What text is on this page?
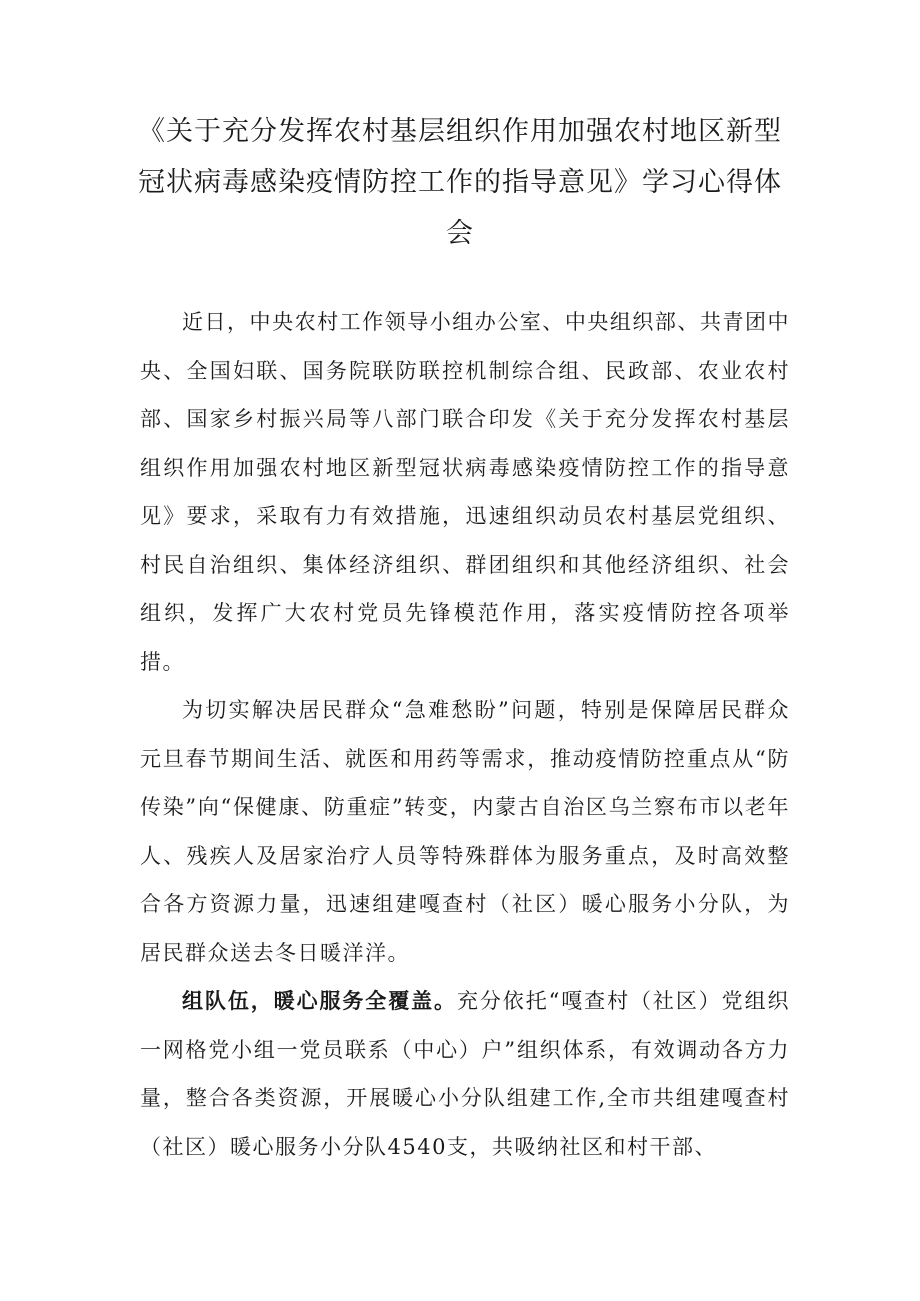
《关于充分发挥农村基层组织作用加强农村地区新型冠状病毒感染疫情防控工作的指导意见》学习心得体会

近日，中央农村工作领导小组办公室、中央组织部、共青团中央、全国妇联、国务院联防联控机制综合组、民政部、农业农村部、国家乡村振兴局等八部门联合印发《关于充分发挥农村基层组织作用加强农村地区新型冠状病毒感染疫情防控工作的指导意见》要求，采取有力有效措施，迅速组织动员农村基层党组织、村民自治组织、集体经济组织、群团组织和其他经济组织、社会组织，发挥广大农村党员先锋模范作用，落实疫情防控各项举措。

为切实解决居民群众“急难愁盼”问题，特别是保障居民群众元旦春节期间生活、就医和用药等需求，推动疫情防控重点从“防传染”向“保健康、防重症”转变，内蒙古自治区乌兰察布市以老年人、残疾人及居家治疗人员等特殊群体为服务重点，及时高效整合各方资源力量，迅速组建嘎查村（社区）暖心服务小分队，为居民群众送去冬日暖洋洋。

组队伍，暖心服务全覆盖。充分依托“嘎查村（社区）党组织一网格党小组一党员联系（中心）户”组织体系，有效调动各方力量，整合各类资源，开展暖心小分队组建工作,全市共组建嘎查村（社区）暖心服务小分队4540支，共吸纳社区和村干部、
